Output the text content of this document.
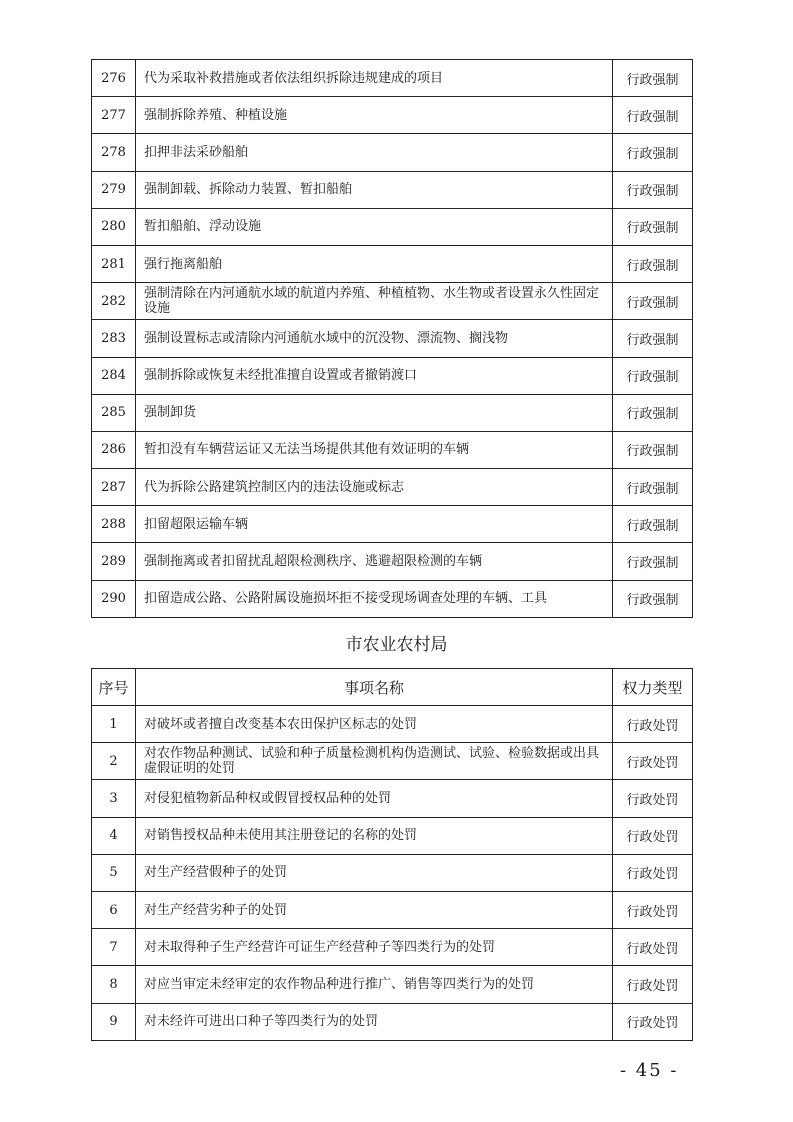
276	代为采取补救措施或者依法组织拆除违规建成的项目	行政强制
277	强制拆除养殖、种植设施	行政强制
278	扣押非法采砂船舶	行政强制
279	强制卸载、拆除动力装置、暂扣船舶	行政强制
280	暂扣船舶、浮动设施	行政强制
281	强行拖离船舶	行政强制
282	强制清除在内河通航水域的航道内养殖、种植植物、水生物或者设置永久性固定设施	行政强制
283	强制设置标志或清除内河通航水域中的沉没物、漂流物、搁浅物	行政强制
284	强制拆除或恢复未经批准擅自设置或者撤销渡口	行政强制
285	强制卸货	行政强制
286	暂扣没有车辆营运证又无法当场提供其他有效证明的车辆	行政强制
287	代为拆除公路建筑控制区内的违法设施或标志	行政强制
288	扣留超限运输车辆	行政强制
289	强制拖离或者扣留扰乱超限检测秩序、逃避超限检测的车辆	行政强制
290	扣留造成公路、公路附属设施损坏拒不接受现场调查处理的车辆、工具	行政强制
市农业农村局
序号	事项名称	权力类型
1	对破坏或者擅自改变基本农田保护区标志的处罚	行政处罚
2	对农作物品种测试、试验和种子质量检测机构伪造测试、试验、检验数据或出具虚假证明的处罚	行政处罚
3	对侵犯植物新品种权或假冒授权品种的处罚	行政处罚
4	对销售授权品种未使用其注册登记的名称的处罚	行政处罚
5	对生产经营假种子的处罚	行政处罚
6	对生产经营劣种子的处罚	行政处罚
7	对未取得种子生产经营许可证生产经营种子等四类行为的处罚	行政处罚
8	对应当审定未经审定的农作物品种进行推广、销售等四类行为的处罚	行政处罚
9	对未经许可进出口种子等四类行为的处罚	行政处罚
- 45 -
